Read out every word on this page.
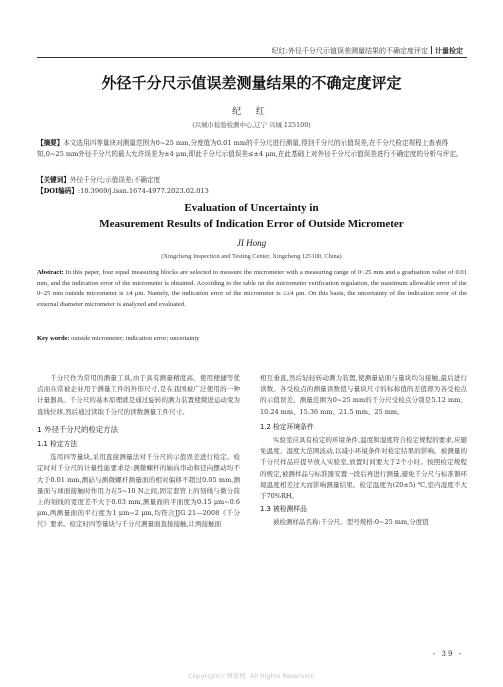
纪红:外径千分尺示值误差测量结果的不确定度评定 计量检定
外径千分尺示值误差测量结果的不确定度评定
纪 红
(兴城市检验检测中心,辽宁 兴城 125100)
【摘要】本文选用四等量块对测量范围为0~25 mm,分度值为0.01 mm的千分尺进行测量,得到千分尺的示值误差,在千分尺检定规程上查表得知,0~25 mm外径千分尺的最大允许误差为±4 μm,即此千分尺示值误差≤±4 μm,在此基础上对外径千分尺示值误差进行不确定度的分析与评定。
【关键词】外径千分尺;示值误差;不确定度
【DOI编码】:10.3969/j.issn.1674-4977.2023.02.013
Evaluation of Uncertainty in
Measurement Results of Indication Error of Outside Micrometer
JI Hong
(Xingcheng Inspection and Testing Center, Xingcheng 125100, China)
Abstract: In this paper, four equal measuring blocks are selected to measure the micrometer with a measuring range of 0~25 mm and a graduation value of 0.01 mm, and the indication error of the micrometer is obtained. According to the table on the micrometer verification regulation, the maximum allowable error of the 0~25 mm outside micrometer is ±4 μm. Namely, the indication error of the micrometer is ≤±4 μm. On this basis, the uncertainty of the indication error of the external diameter micrometer is analyzed and evaluated.
Key words: outside micrometer; indication error; uncertainty

千分尺作为常用的测量工具,由于具有测量精度高、使用便捷等优点而在常被企业用于测量工件的外形尺寸,是在我国被广泛使用的一种计量器具。千分尺的基本原理就是通过旋转的测力装置使微进运动变为直线位移,然后通过读取千分尺的读数测量工件尺寸。

1 外径千分尺的检定方法
1.1 检定方法

选用四等量块,采用直接测量法对千分尺的示值误差进行检定。检定时对千分尺的计量性能要求是:测微螺杆的轴向串动和径向摆动均不大于0.01 mm,测砧与测微螺杆测量面的相对偏移不超过0.05 mm,测量面与球面接触时作用力在5~10 N之间,固定套管上的刻线与微分筒上的刻线的宽度差不大于0.03 mm,测量面的平面度为0.15 μm~0.6 μm,两测量面的平行度为1 μm~2 μm,均符合JJG 21—2008《千分尺》要求。检定时四等量块与千分尺测量面直接接触,让两接触面

相互垂直,然后轻轻转动测力装置,使测量砧面与量块均匀接触,最后进行读数。各受检点的测量读数值与量块尺寸的标称值的差值即为各受检点的示值误差。测量范围为0~25 mm的千分尺受检点分别是5.12 mm、10.24 mm、15.36 mm、21.5 mm、25 mm。

1.2 检定环境条件

实验室应具有检定的环境条件,温度和湿度符合检定规程的要求,应避免温度、湿度大范围波动,以减小环境条件对检定结果的影响。被测量的千分尺样品应提早放入实验室,放置时间要大于2个小时。按照检定规程的规定,被测样品与标准器安置一段后再进行测量,避免千分尺与标准器环境温度相差过大而影响测量结果。检定温度为(20±5) ℃,室内湿度不大于70%RH。

1.3 被检测样品

被检测样品名称:千分尺。型号规格:0~25 mm,分度值

- 39 -
Copyright©博看网. All Rights Reserved.
